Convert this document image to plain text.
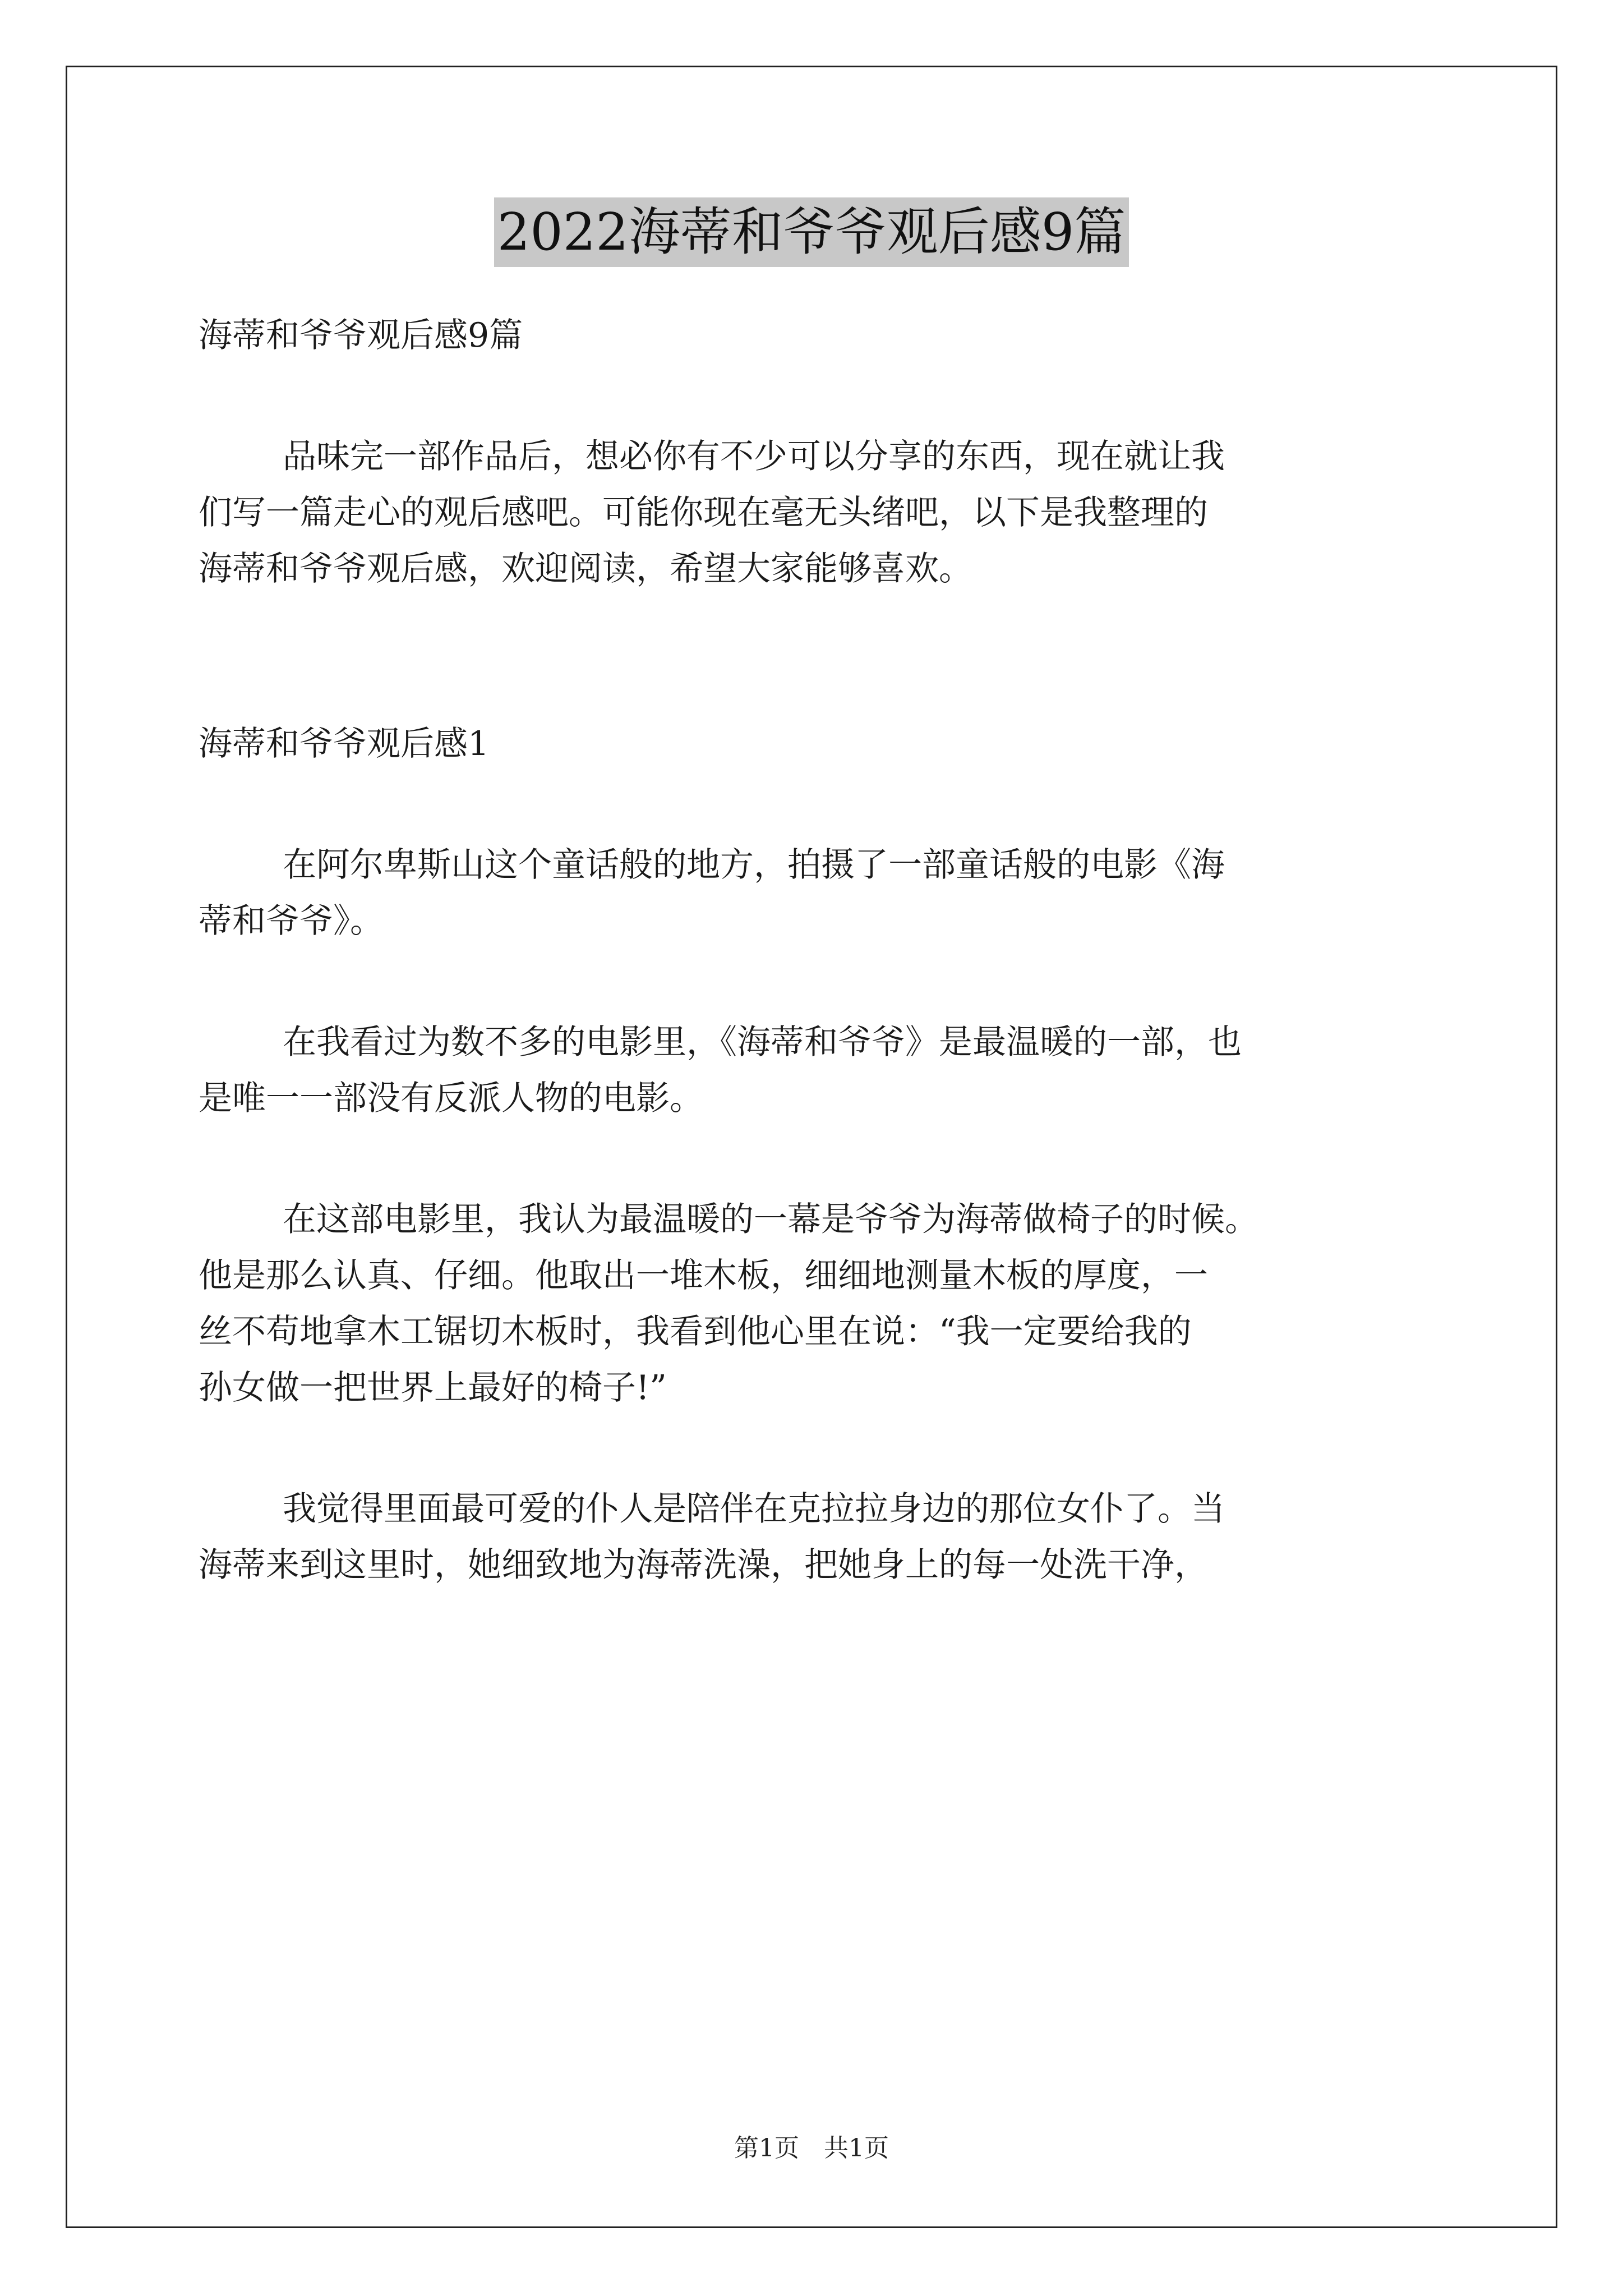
2022海蒂和爷爷观后感9篇
海蒂和爷爷观后感9篇

品味完一部作品后，想必你有不少可以分享的东西，现在就让我

们写一篇走心的观后感吧。可能你现在毫无头绪吧，以下是我整理的

海蒂和爷爷观后感，欢迎阅读，希望大家能够喜欢。

海蒂和爷爷观后感1

在阿尔卑斯山这个童话般的地方，拍摄了一部童话般的电影《海

蒂和爷爷》。

在我看过为数不多的电影里，《海蒂和爷爷》是最温暖的一部，也

是唯一一部没有反派人物的电影。

在这部电影里，我认为最温暖的一幕是爷爷为海蒂做椅子的时候。

他是那么认真、仔细。他取出一堆木板，细细地测量木板的厚度，一

丝不苟地拿木工锯切木板时，我看到他心里在说：“我一定要给我的

孙女做一把世界上最好的椅子!”

我觉得里面最可爱的仆人是陪伴在克拉拉身边的那位女仆了。当

海蒂来到这里时，她细致地为海蒂洗澡，把她身上的每一处洗干净，

第1页　共1页
